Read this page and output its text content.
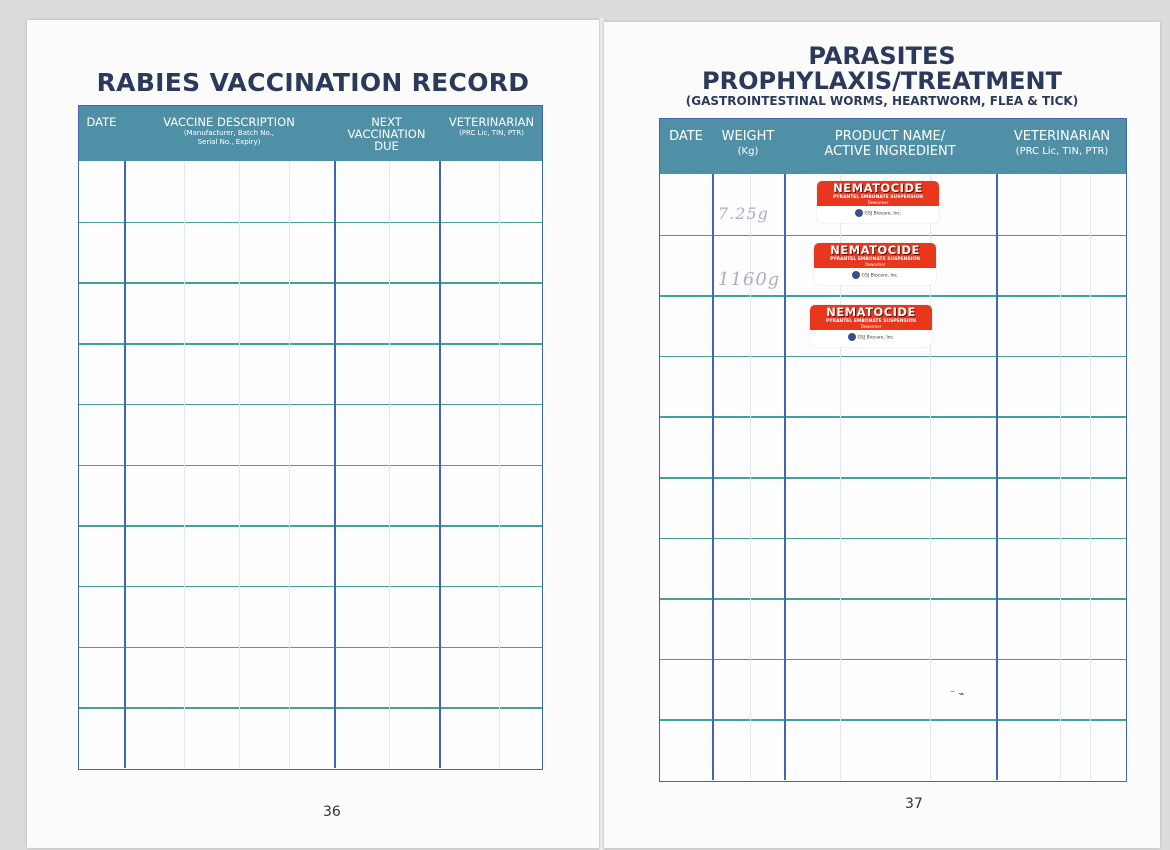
RABIES VACCINATION RECORD
DATE	VACCINE DESCRIPTION
(Manufacturer, Batch No., Serial No., Expiry)
NEXT VACCINATION DUE
VETERINARIAN
(PRC Lic, TIN, PTR)
36
PARASITES
PROPHYLAXIS/TREATMENT
(GASTROINTESTINAL WORMS, HEARTWORM, FLEA & TICK)
DATE	WEIGHT
(Kg)
PRODUCT NAME/
ACTIVE INGREDIENT
VETERINARIAN
(PRC Lic, TIN, PTR)
7.25g
1160g
NEMATOCIDE
PYRANTEL EMBONATE SUSPENSION
Dewormer
GSJ Biocare, Inc.
NEMATOCIDE
PYRANTEL EMBONATE SUSPENSION
Dewormer
GSJ Biocare, Inc.
NEMATOCIDE
PYRANTEL EMBONATE SUSPENSION
Dewormer
GSJ Biocare, Inc.
⁻ ⌁
37
